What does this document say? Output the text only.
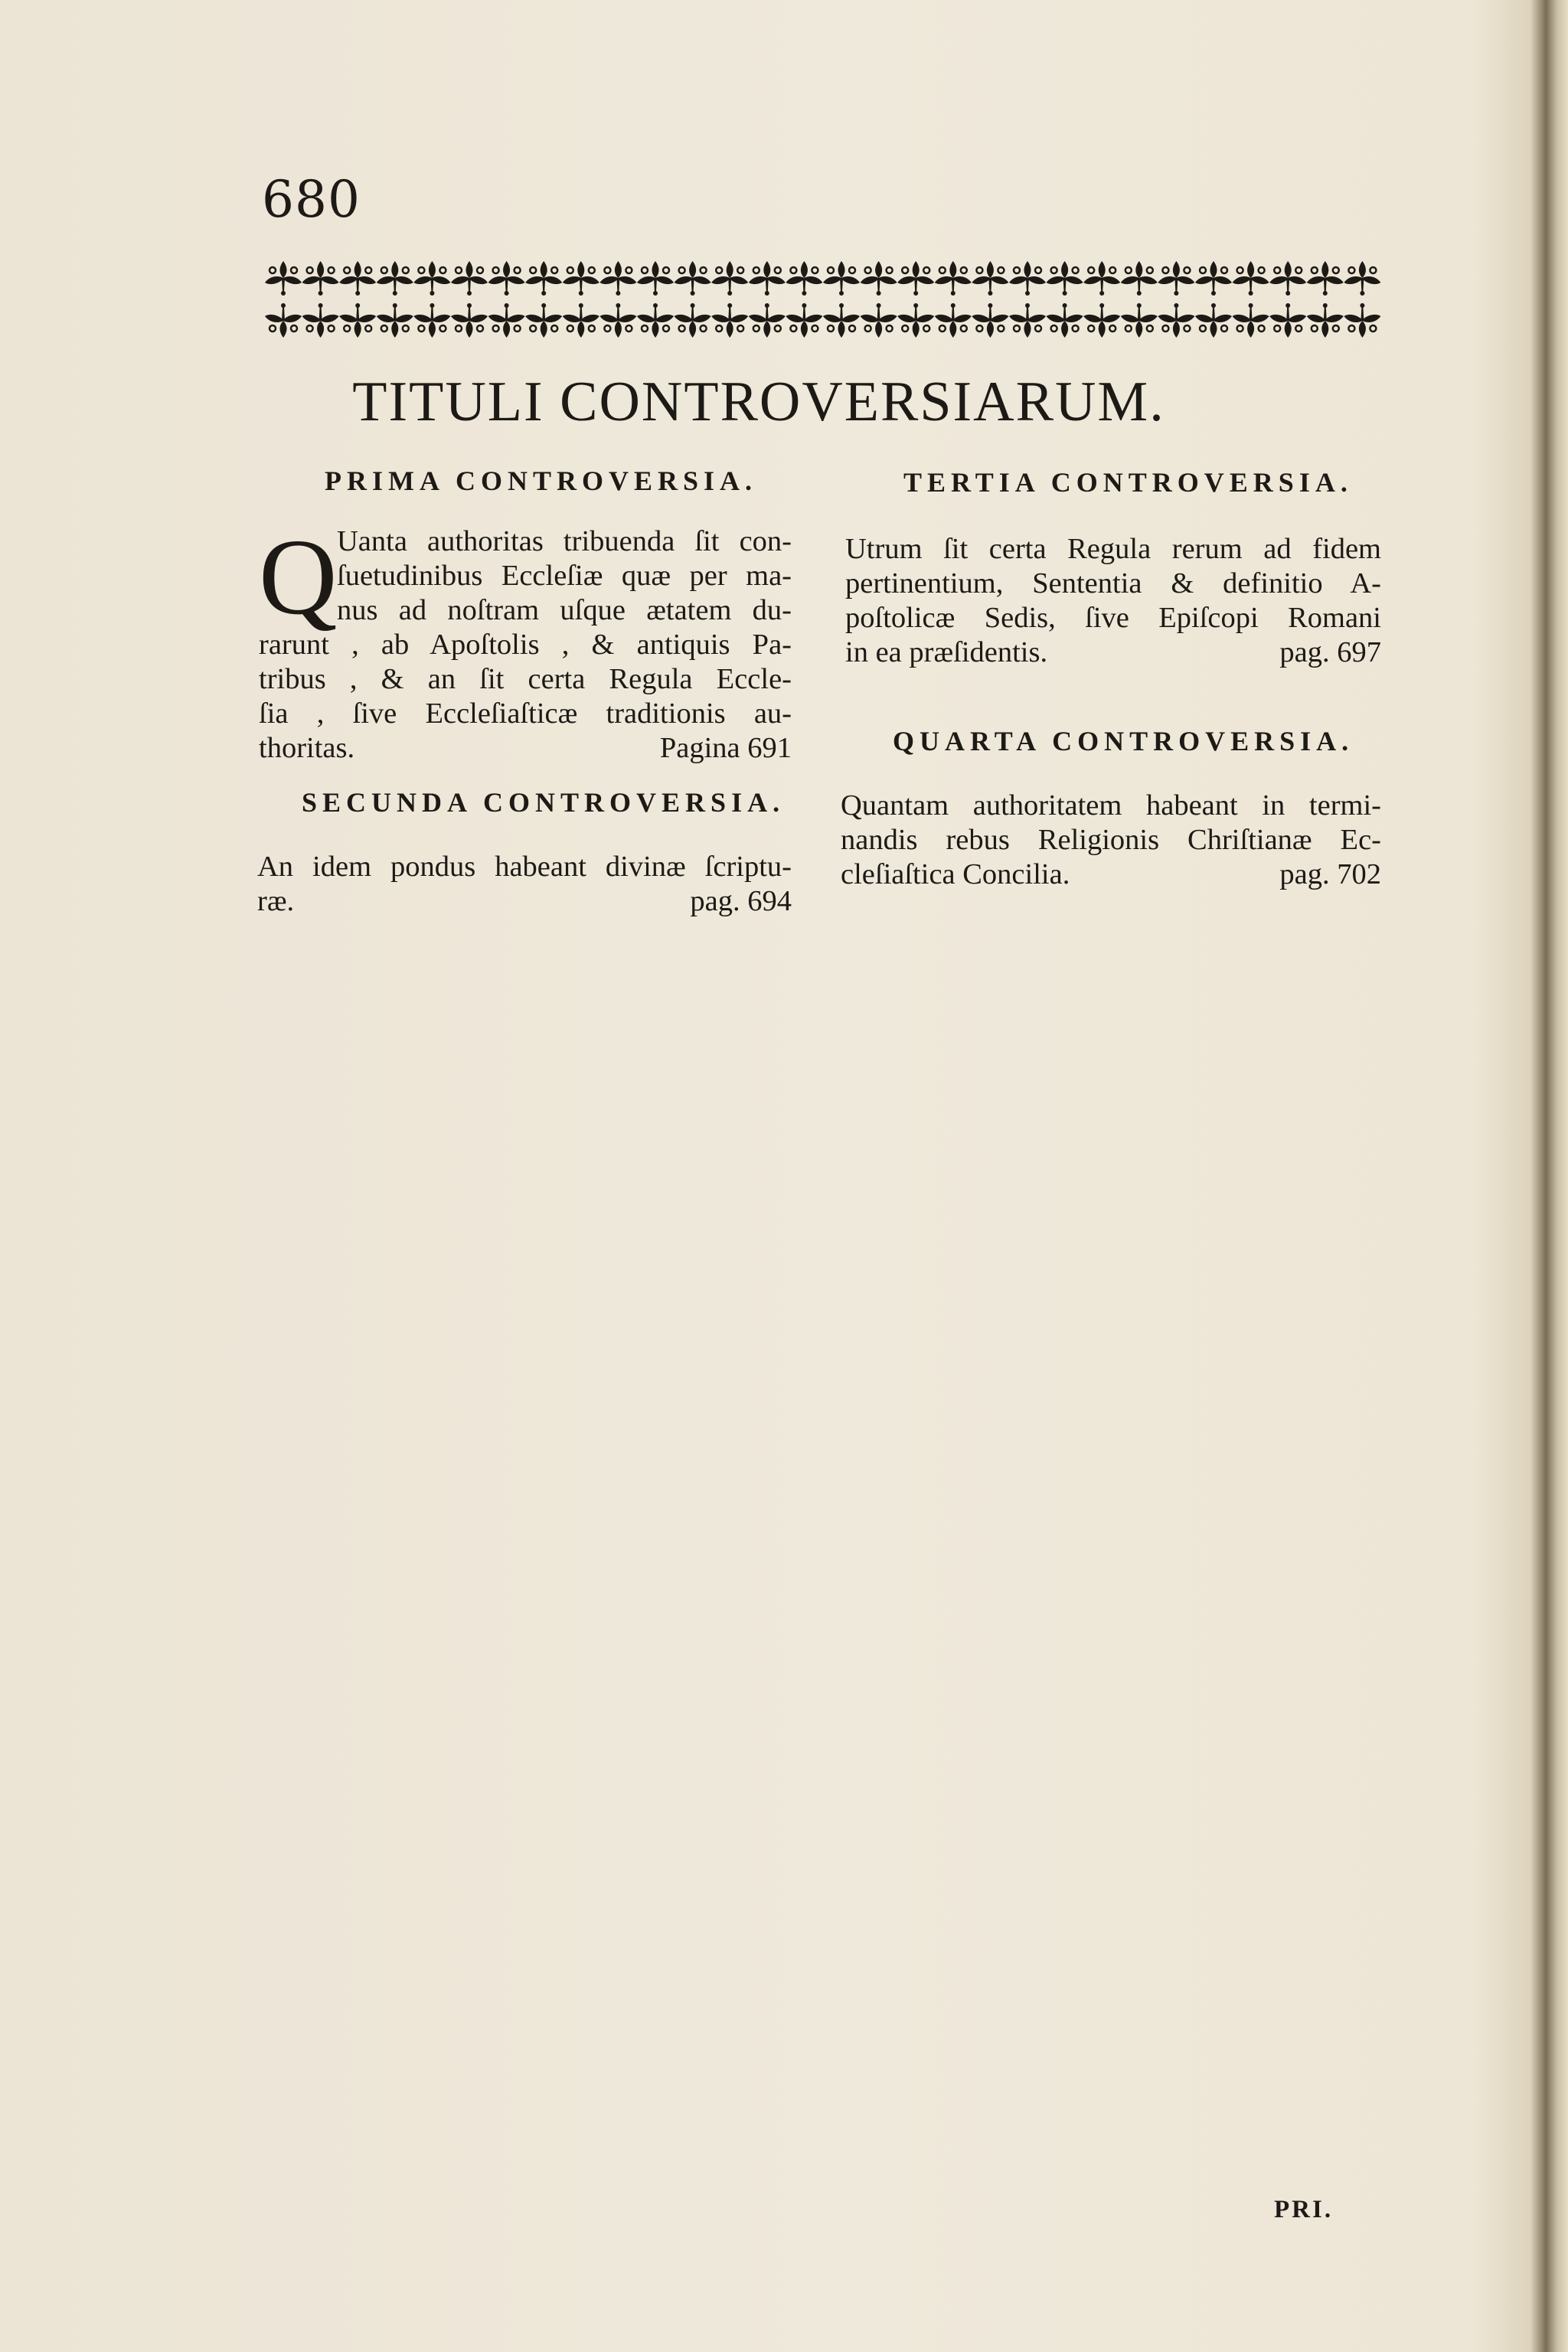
680
TITULI CONTROVERSIARUM.
PRIMA CONTROVERSIA.
Q Uanta authoritas tribuenda ſit con-
ſuetudinibus Eccleſiæ quæ per ma-
nus ad noſtram uſque ætatem du-
rarunt , ab Apoſtolis , & antiquis Pa-
tribus , & an ſit certa Regula Eccle-
ſia , ſive Eccleſiaſticæ traditionis au-
thoritas.	Pagina 691
SECUNDA CONTROVERSIA.
An idem pondus habeant divinæ ſcriptu-
ræ.	pag. 694
TERTIA CONTROVERSIA.
Utrum ſit certa Regula rerum ad fidem
pertinentium, Sententia & definitio A-
poſtolicæ Sedis, ſive Epiſcopi Romani
in ea præſidentis.	pag. 697
QUARTA CONTROVERSIA.
Quantam authoritatem habeant in termi-
nandis rebus Religionis Chriſtianæ Ec-
cleſiaſtica Concilia.	pag. 702
PRI.
